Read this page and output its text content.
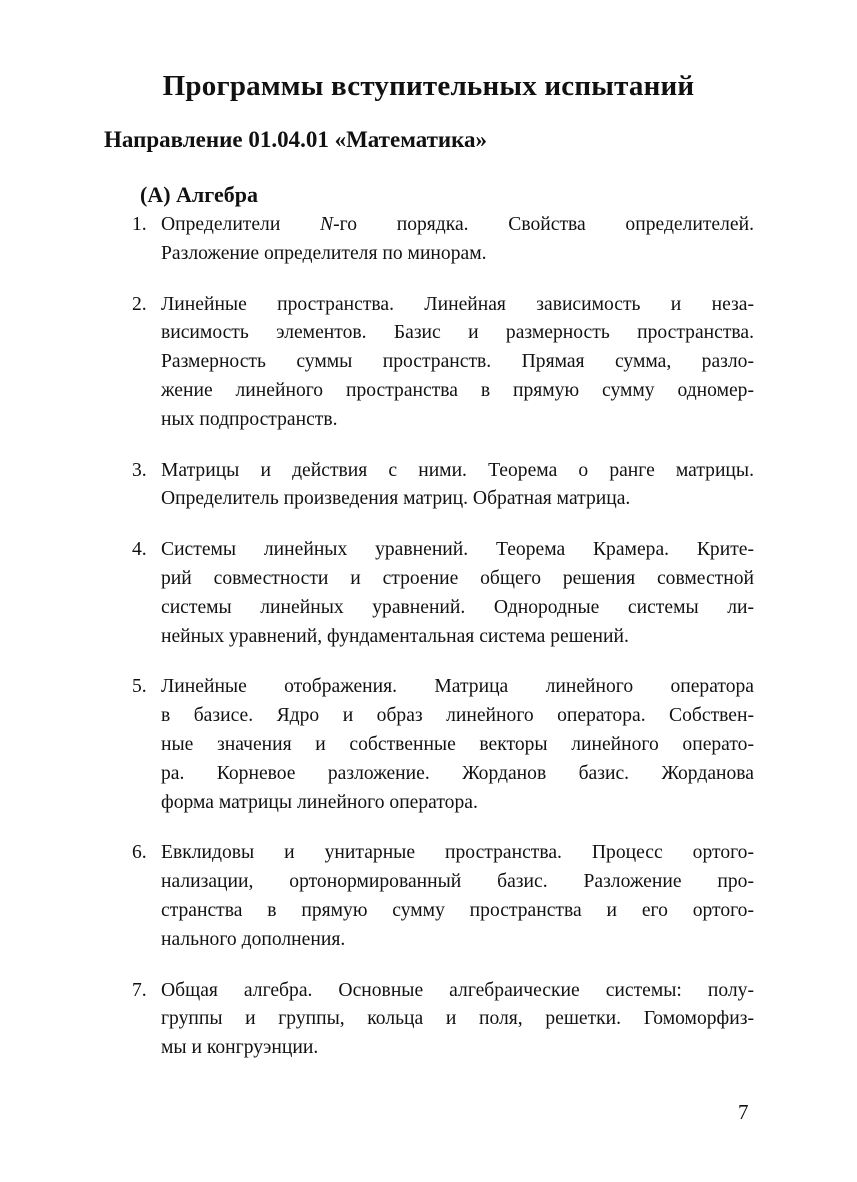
Программы вступительных испытаний
Направление 01.04.01 «Математика»
(A) Алгебра
1. Определители N-го порядка. Свойства определителей.
Разложение определителя по минорам.
2. Линейные пространства. Линейная зависимость и неза-
висимость элементов. Базис и размерность пространства.
Размерность суммы пространств. Прямая сумма, разло-
жение линейного пространства в прямую сумму одномер-
ных подпространств.
3. Матрицы и действия с ними. Теорема о ранге матрицы.
Определитель произведения матриц. Обратная матрица.
4. Системы линейных уравнений. Теорема Крамера. Крите-
рий совместности и строение общего решения совместной
системы линейных уравнений. Однородные системы ли-
нейных уравнений, фундаментальная система решений.
5. Линейные отображения. Матрица линейного оператора
в базисе. Ядро и образ линейного оператора. Собствен-
ные значения и собственные векторы линейного операто-
ра. Корневое разложение. Жорданов базис. Жорданова
форма матрицы линейного оператора.
6. Евклидовы и унитарные пространства. Процесс ортого-
нализации, ортонормированный базис. Разложение про-
странства в прямую сумму пространства и его ортого-
нального дополнения.
7. Общая алгебра. Основные алгебраические системы: полу-
группы и группы, кольца и поля, решетки. Гомоморфиз-
мы и конгруэнции.
7
